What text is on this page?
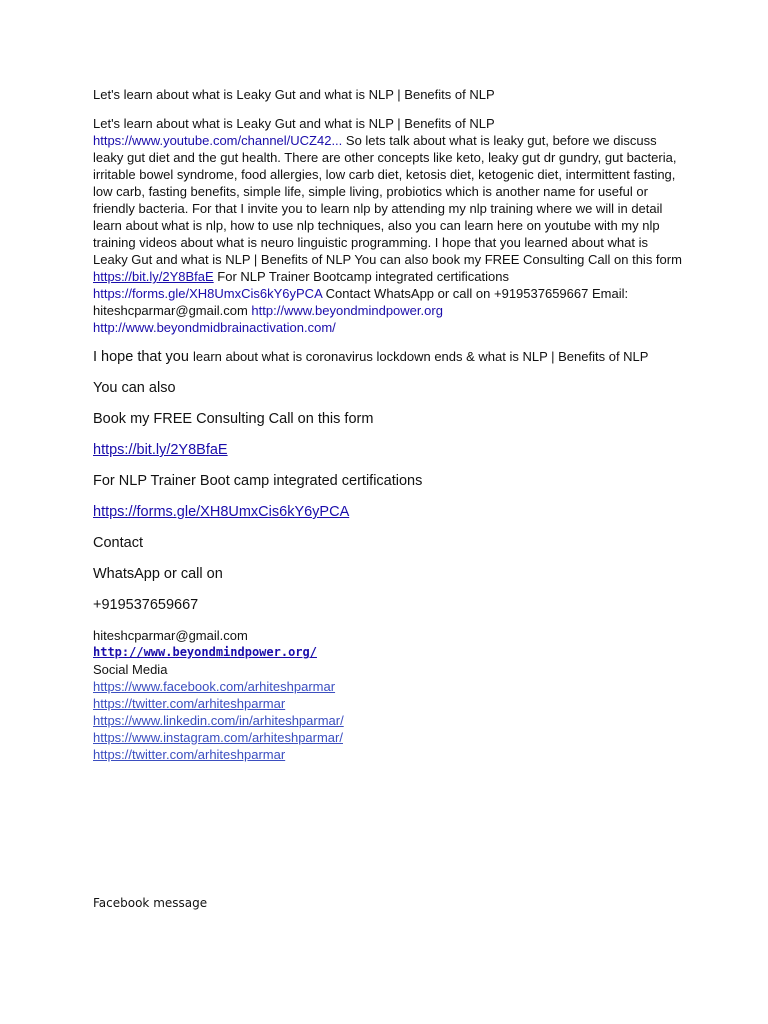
Let's learn about what is Leaky Gut and what is NLP | Benefits of NLP
Let's learn about what is Leaky Gut and what is NLP | Benefits of NLP
https://www.youtube.com/channel/UCZ42... So lets talk about what is leaky gut, before we discuss leaky gut diet and the gut health. There are other concepts like keto, leaky gut dr gundry, gut bacteria, irritable bowel syndrome, food allergies, low carb diet, ketosis diet, ketogenic diet, intermittent fasting, low carb, fasting benefits, simple life, simple living, probiotics which is another name for useful or friendly bacteria. For that I invite you to learn nlp by attending my nlp training where we will in detail learn about what is nlp, how to use nlp techniques, also you can learn here on youtube with my nlp training videos about what is neuro linguistic programming. I hope that you learned about what is Leaky Gut and what is NLP | Benefits of NLP You can also book my FREE Consulting Call on this form https://bit.ly/2Y8BfaE For NLP Trainer Bootcamp integrated certifications https://forms.gle/XH8UmxCis6kY6yPCA Contact WhatsApp or call on +919537659667 Email: hiteshcparmar@gmail.com http://www.beyondmindpower.org
http://www.beyondmidbrainactivation.com/
I hope that you learn about what is coronavirus lockdown ends & what is NLP | Benefits of NLP
You can also
Book my FREE Consulting Call on this form
https://bit.ly/2Y8BfaE
For NLP Trainer Boot camp integrated certifications
https://forms.gle/XH8UmxCis6kY6yPCA
Contact
WhatsApp or call on
+919537659667
hiteshcparmar@gmail.com
http://www.beyondmindpower.org/
Social Media
https://www.facebook.com/arhiteshparmar
https://twitter.com/arhiteshparmar
https://www.linkedin.com/in/arhiteshparmar/
https://www.instagram.com/arhiteshparmar/
https://twitter.com/arhiteshparmar
Facebook message
